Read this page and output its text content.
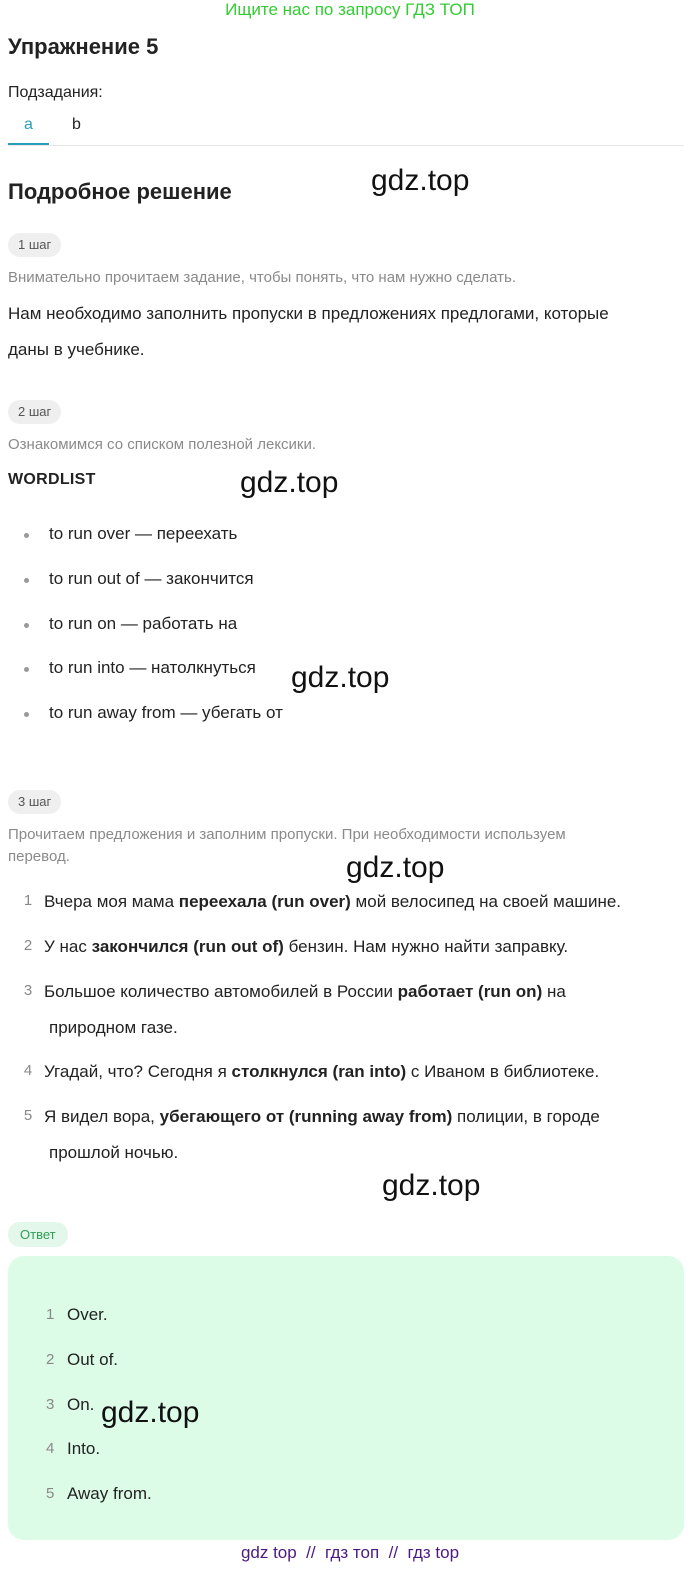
Ищите нас по запросу ГДЗ ТОП
Упражнение 5
Подзадания:
a	b
Подробное решение	gdz.top
1 шаг
Внимательно прочитаем задание, чтобы понять, что нам нужно сделать.
Нам необходимо заполнить пропуски в предложениях предлогами, которые
даны в учебнике.
2 шаг
Ознакомимся со списком полезной лексики.
WORDLIST	gdz.top
to run over — переехать
to run out of — закончится
to run on — работать на
to run into — натолкнуться gdz.top
to run away from — убегать от
3 шаг
Прочитаем предложения и заполним пропуски. При необходимости используем
перевод.	gdz.top
1 Вчера моя мама переехала (run over) мой велосипед на своей машине.
2 У нас закончился (run out of) бензин. Нам нужно найти заправку.
3 Большое количество автомобилей в России работает (run on) на
природном газе.
4 Угадай, что? Сегодня я столкнулся (ran into) с Иваном в библиотеке.
5 Я видел вора, убегающего от (running away from) полиции, в городе
прошлой ночью.
gdz.top
Ответ
1 Over.
2 Out of.
3 On. gdz.top
4 Into.
5 Away from.
gdz top  //  гдз топ  //  гдз top
